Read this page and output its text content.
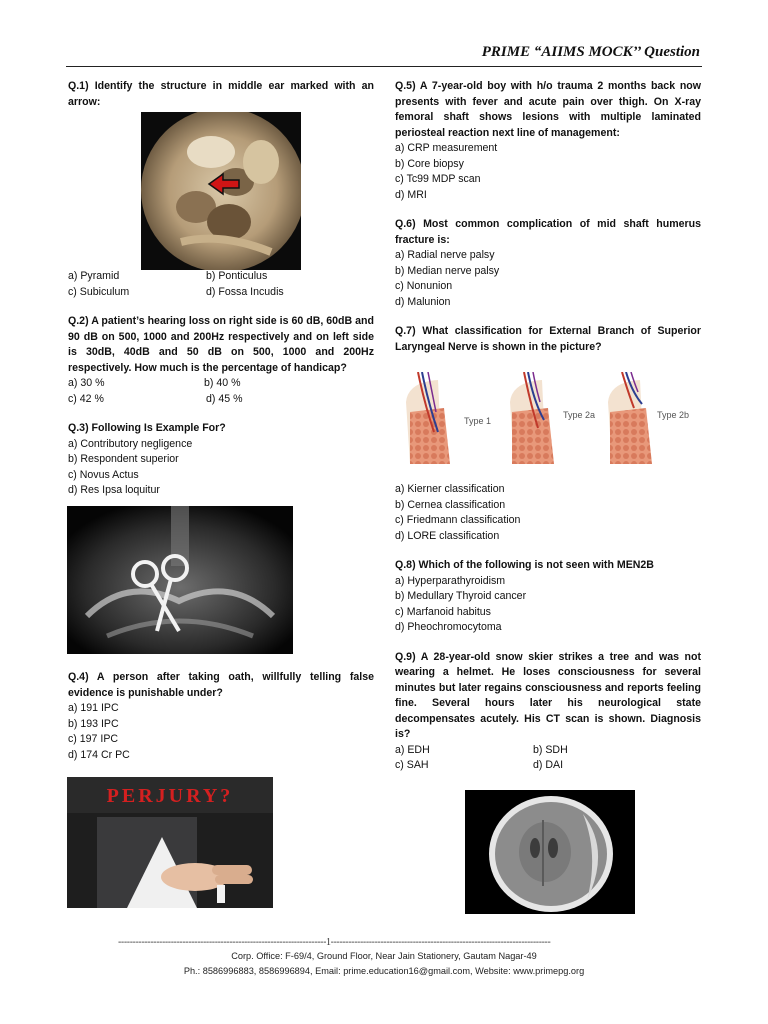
PRIME “AIIMS MOCK’’ Question
Q.1) Identify the structure in middle ear marked with an arrow:
a) Pyramid	b) Ponticulus
c) Subiculum	d) Fossa Incudis
Q.2) A patient’s hearing loss on right side is 60 dB, 60dB and 90 dB on 500, 1000 and 200Hz respectively and on left side is 30dB, 40dB and 50 dB on 500, 1000 and 200Hz respectively. How much is the percentage of handicap?
a) 30 %	b) 40 %
c) 42 %	d) 45 %
Q.3) Following Is Example For?
a) Contributory negligence
b) Respondent superior
c) Novus Actus
d) Res Ipsa loquitur
Q.4) A person after taking oath, willfully telling false evidence is punishable under?
a) 191 IPC
b) 193 IPC
c) 197 IPC
d) 174 Cr PC
PERJURY?
Q.5) A 7-year-old boy with h/o trauma 2 months back now presents with fever and acute pain over thigh. On X-ray femoral shaft shows lesions with multiple laminated periosteal reaction next line of management:
a) CRP measurement
b) Core biopsy
c) Tc99 MDP scan
d) MRI
Q.6) Most common complication of mid shaft humerus fracture is:
a) Radial nerve palsy
b) Median nerve palsy
c) Nonunion
d) Malunion
Q.7) What classification for External Branch of Superior Laryngeal Nerve is shown in the picture?
Type 1
Type 2a	Type 2b
a) Kierner classification
b) Cernea classification
c) Friedmann classification
d) LORE classification
Q.8) Which of the following is not seen with MEN2B
a) Hyperparathyroidism
b) Medullary Thyroid cancer
c) Marfanoid habitus
d) Pheochromocytoma
Q.9) A 28-year-old snow skier strikes a tree and was not wearing a helmet. He loses consciousness for several minutes but later regains consciousness and reports feeling fine. Several hours later his neurological state decompensates acutely. His CT scan is shown. Diagnosis is?
a) EDH	b) SDH
c) SAH	d) DAI
-----------------------------------------------------------------------1---------------------------------------------------------------------------
Corp. Office: F-69/4, Ground Floor, Near Jain Stationery, Gautam Nagar-49
Ph.: 8586996883, 8586996894, Email: prime.education16@gmail.com, Website: www.primepg.org
